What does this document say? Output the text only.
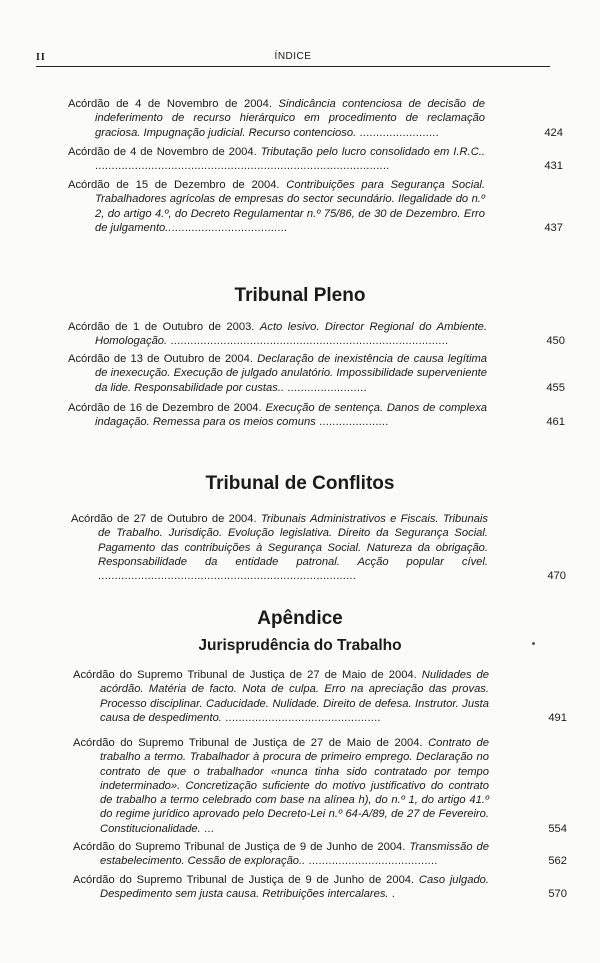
II	ÍNDICE
Acórdão de 4 de Novembro de 2004. Sindicância contenciosa de decisão de indeferimento de recurso hierárquico em procedimento de reclamação graciosa. Impugnação judicial. Recurso contencioso. ........................	424
Acórdão de 4 de Novembro de 2004. Tributação pelo lucro consolidado em I.R.C.. .........................................................................................	431
Acórdão de 15 de Dezembro de 2004. Contribuições para Segurança Social. Trabalhadores agrícolas de empresas do sector secundário. Ilegalidade do n.º 2, do artigo 4.º, do Decreto Regulamentar n.º 75/86, de 30 de Dezembro. Erro de julgamento.....................................	437
Tribunal Pleno
Acórdão de 1 de Outubro de 2003. Acto lesivo. Director Regional do Ambiente. Homologação. ....................................................................................	450
Acórdão de 13 de Outubro de 2004. Declaração de inexistência de causa legítima de inexecução. Execução de julgado anulatório. Impossibilidade superveniente da lide. Responsabilidade por custas.. ........................	455
Acórdão de 16 de Dezembro de 2004. Execução de sentença. Danos de complexa indagação. Remessa para os meios comuns .....................	461
Tribunal de Conflitos
Acórdão de 27 de Outubro de 2004. Tribunais Administrativos e Fiscais. Tribunais de Trabalho. Jurisdição. Evolução legislativa. Direito da Segurança Social. Pagamento das contribuições à Segurança Social. Natureza da obrigação. Responsabilidade da entidade patronal. Acção popular cível. ..............................................................................	470
Apêndice
Jurisprudência do Trabalho
Acórdão do Supremo Tribunal de Justiça de 27 de Maio de 2004. Nulidades de acórdão. Matéria de facto. Nota de culpa. Erro na apreciação das provas. Processo disciplinar. Caducidade. Nulidade. Direito de defesa. Instrutor. Justa causa de despedimento. ...............................................	491
Acórdão do Supremo Tribunal de Justiça de 27 de Maio de 2004. Contrato de trabalho a termo. Trabalhador à procura de primeiro emprego. Declaração no contrato de que o trabalhador «nunca tinha sido contratado por tempo indeterminado». Concretização suficiente do motivo justificativo do contrato de trabalho a termo celebrado com base na alínea h), do n.º 1, do artigo 41.º do regime jurídico aprovado pelo Decreto-Lei n.º 64-A/89, de 27 de Fevereiro. Constitucionalidade. ...	554
Acórdão do Supremo Tribunal de Justiça de 9 de Junho de 2004. Transmissão de estabelecimento. Cessão de exploração.. .......................................	562
Acórdão do Supremo Tribunal de Justiça de 9 de Junho de 2004. Caso julgado. Despedimento sem justa causa. Retribuições intercalares. .	570
